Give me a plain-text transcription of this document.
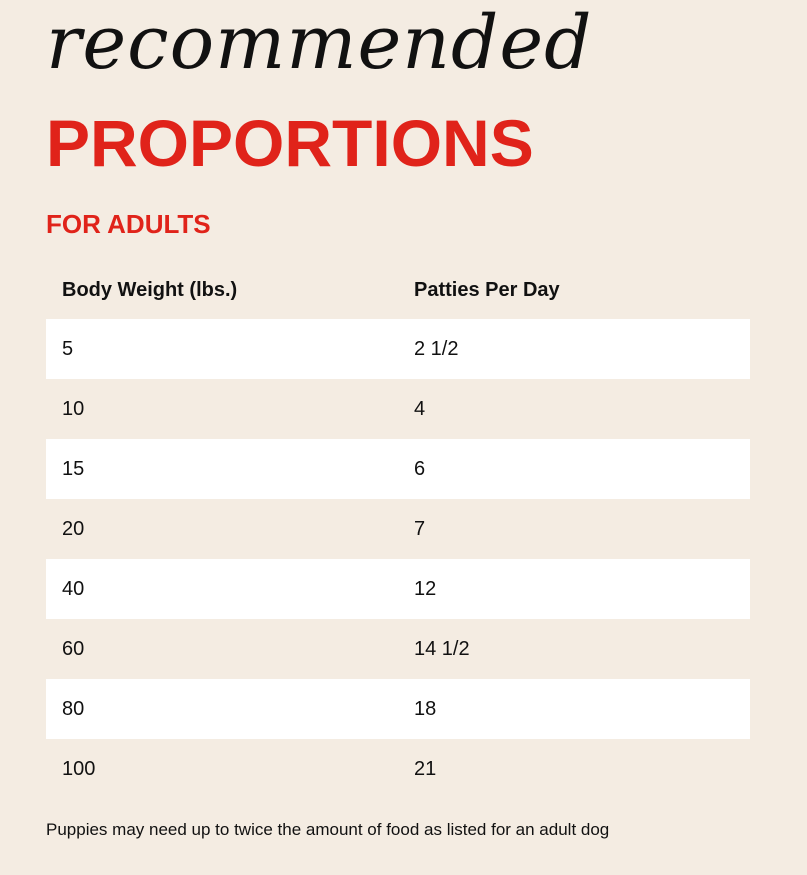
recommended
PROPORTIONS
FOR ADULTS
Body Weight (lbs.)	Patties Per Day
5	2 1/2
10	4
15	6
20	7
40	12
60	14 1/2
80	18
100	21
Puppies may need up to twice the amount of food as listed for an adult dog
